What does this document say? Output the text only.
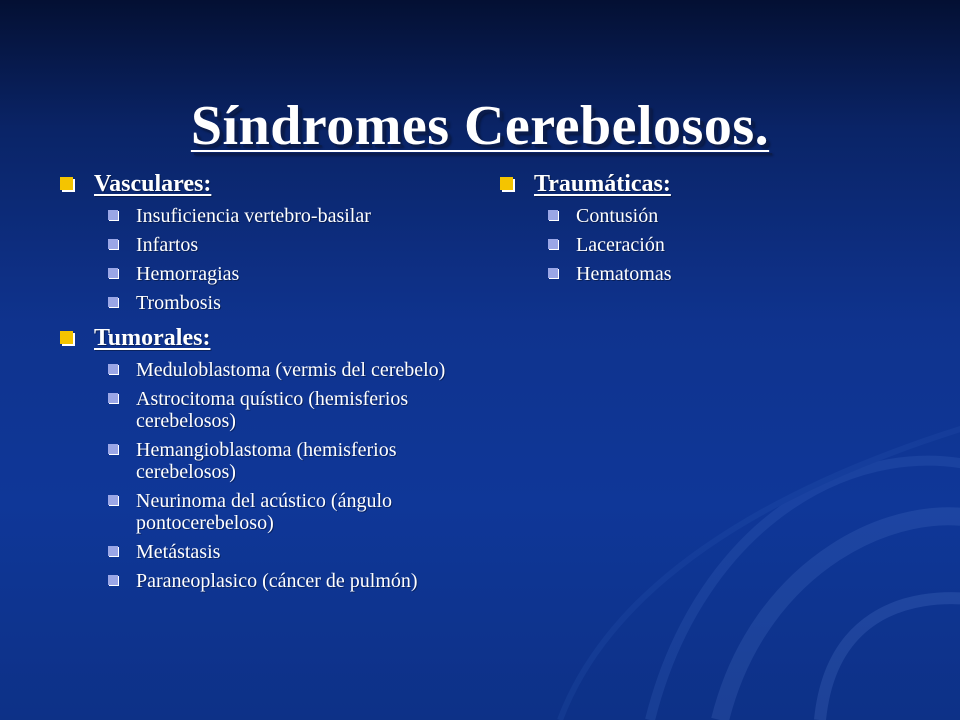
Síndromes Cerebelosos.
Vasculares:
Insuficiencia vertebro-basilar
Infartos
Hemorragias
Trombosis
Tumorales:
Meduloblastoma (vermis del cerebelo)
Astrocitoma quístico (hemisferios cerebelosos)
Hemangioblastoma (hemisferios cerebelosos)
Neurinoma del acústico (ángulo pontocerebeloso)
Metástasis
Paraneoplasico (cáncer de pulmón)
Traumáticas:
Contusión
Laceración
Hematomas
